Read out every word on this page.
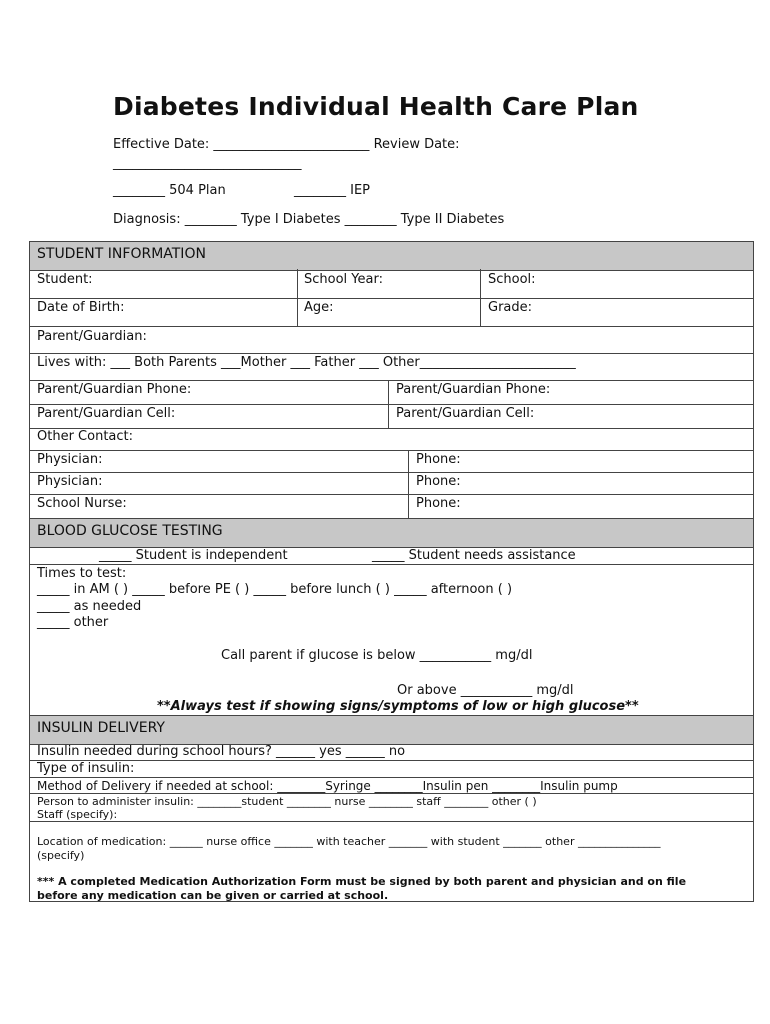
Diabetes Individual Health Care Plan
Effective Date: ________________________ Review Date:
_____________________________
________ 504 Plan	________ IEP
Diagnosis: ________ Type I Diabetes ________ Type II Diabetes
STUDENT INFORMATION
Student:	School Year:	School:
Date of Birth:	Age:	Grade:
Parent/Guardian:
Lives with: ___ Both Parents ___Mother ___ Father ___ Other________________________
Parent/Guardian Phone:	Parent/Guardian Phone:
Parent/Guardian Cell:	Parent/Guardian Cell:
Other Contact:
Physician:	Phone:
Physician:	Phone:
School Nurse:	Phone:
BLOOD GLUCOSE TESTING
_____ Student is independent	_____ Student needs assistance
Times to test:
_____ in AM ( ) _____ before PE ( ) _____ before lunch ( ) _____ afternoon ( )
_____ as needed
_____ other
Call parent if glucose is below ___________ mg/dl
Or above ___________ mg/dl
**Always test if showing signs/symptoms of low or high glucose**
INSULIN DELIVERY
Insulin needed during school hours? ______ yes ______ no
Type of insulin:
Method of Delivery if needed at school: ________Syringe ________Insulin pen ________Insulin pump
Person to administer insulin: ________student ________ nurse ________ staff ________ other ( )
Staff (specify):
Location of medication: ______ nurse office _______ with teacher _______ with student _______ other _______________
(specify)
*** A completed Medication Authorization Form must be signed by both parent and physician and on file
before any medication can be given or carried at school.
